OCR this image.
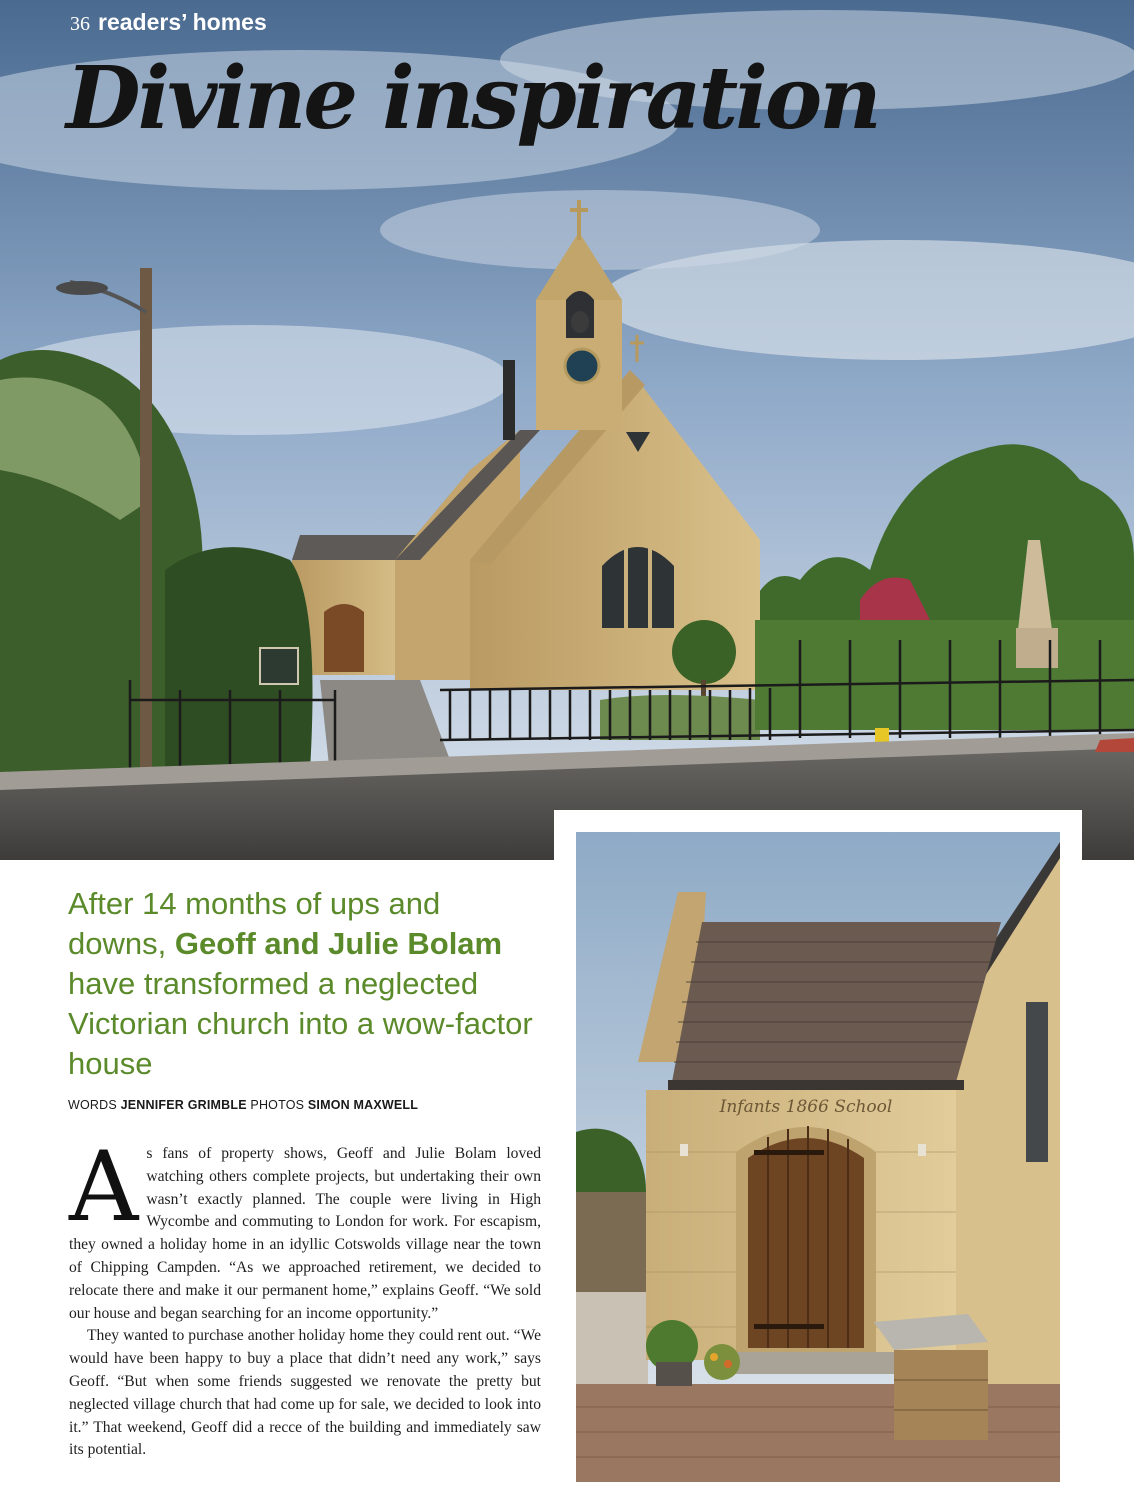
36 readers’ homes
Divine inspiration
Infants 1866 School
After 14 months of ups and downs, Geoff and Julie Bolam have transformed a neglected Victorian church into a wow-factor house
WORDS JENNIFER GRIMBLE PHOTOS SIMON MAXWELL

As fans of property shows, Geoff and Julie Bolam loved watching others complete projects, but undertaking their own wasn’t exactly planned. The couple were living in High Wycombe and commuting to London for work. For escapism, they owned a holiday home in an idyllic Cotswolds village near the town of Chipping Campden. “As we approached retirement, we decided to relocate there and make it our permanent home,” explains Geoff. “We sold our house and began searching for an income opportunity.”

They wanted to purchase another holiday home they could rent out. “We would have been happy to buy a place that didn’t need any work,” says Geoff. “But when some friends suggested we renovate the pretty but neglected village church that had come up for sale, we decided to look into it.” That weekend, Geoff did a recce of the building and immediately saw its potential.
